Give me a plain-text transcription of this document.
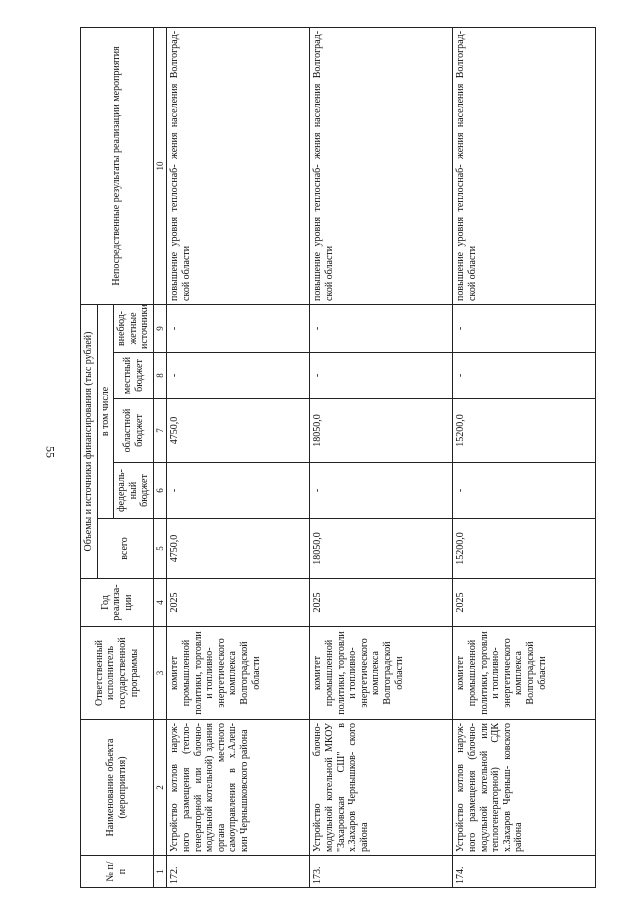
55
№ п/п	Наименование объекта (мероприятия)	Ответственный исполнитель государственной программы	Год реализа- ции	Объемы и источники финансирования (тыс рублей)					Непосредственные результаты реализации мероприятия
				всего	в том числе				
					федераль- ный бюджет	областной бюджет	местный бюджет	внебюд- жетные источники	
1	2	3	4	5	6	7	8	9	10
172.	Устройство котлов наруж- ного размещения (тепло- генераторной или блочно- модульной котельной) здания органа местного самоуправления в х.Алеш- кин Чернышковского района	комитет промышленной политики, торговли и топливно- энергетического комплекса Волгоградской области	2025	4750,0	-	4750,0	-	-	повышение уровня теплоснаб- жения населения Волгоград- ской области
173.	Устройство блочно- модульной котельной МКОУ "Захаровская СШ" в х.Захаров Чернышков- ского района	комитет промышленной политики, торговли и топливно- энергетического комплекса Волгоградской области	2025	18050,0	-	18050,0	-	-	повышение уровня теплоснаб- жения населения Волгоград- ской области
174.	Устройство котлов наруж- ного размещения (блочно- модульной котельной или теплогенераторной) СДК х.Захаров Черныш- ковского района	комитет промышленной политики, торговли и топливно- энергетического комплекса Волгоградской области	2025	15200,0	-	15200,0	-	-	повышение уровня теплоснаб- жения населения Волгоград- ской области
